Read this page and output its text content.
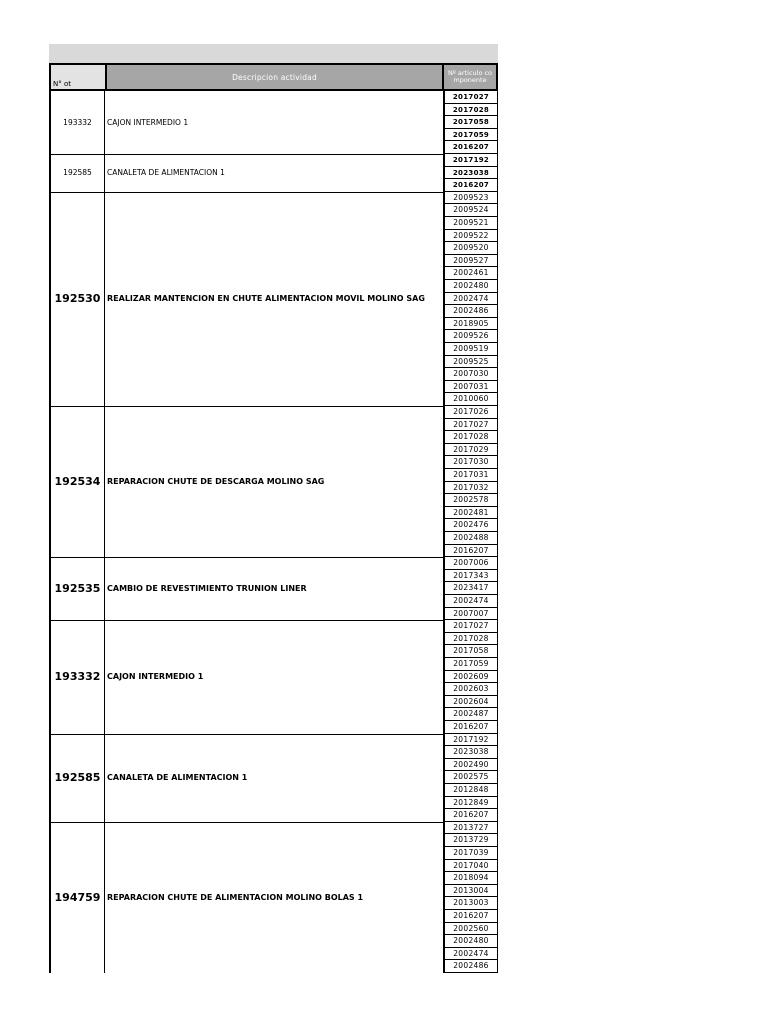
N° ot
Descripcion actividad	Nº articulo componente
193332 CAJON INTERMEDIO 1
2017027
2017028
2017058
2017059
2016207
192585 CANALETA DE ALIMENTACION 1
2017192
2023038
2016207
192530 REALIZAR MANTENCION EN CHUTE ALIMENTACION MOVIL MOLINO SAG
2009523
2009524
2009521
2009522
2009520
2009527
2002461
2002480
2002474
2002486
2018905
2009526
2009519
2009525
2007030
2007031
2010060
192534 REPARACION CHUTE DE DESCARGA MOLINO SAG
2017026
2017027
2017028
2017029
2017030
2017031
2017032
2002578
2002481
2002476
2002488
2016207
192535 CAMBIO DE REVESTIMIENTO TRUNION LINER
2007006
2017343
2023417
2002474
2007007
193332 CAJON INTERMEDIO 1
2017027
2017028
2017058
2017059
2002609
2002603
2002604
2002487
2016207
192585 CANALETA DE ALIMENTACION 1
2017192
2023038
2002490
2002575
2012848
2012849
2016207
194759 REPARACION CHUTE DE ALIMENTACION MOLINO BOLAS 1
2013727
2013729
2017039
2017040
2018094
2013004
2013003
2016207
2002560
2002480
2002474
2002486
